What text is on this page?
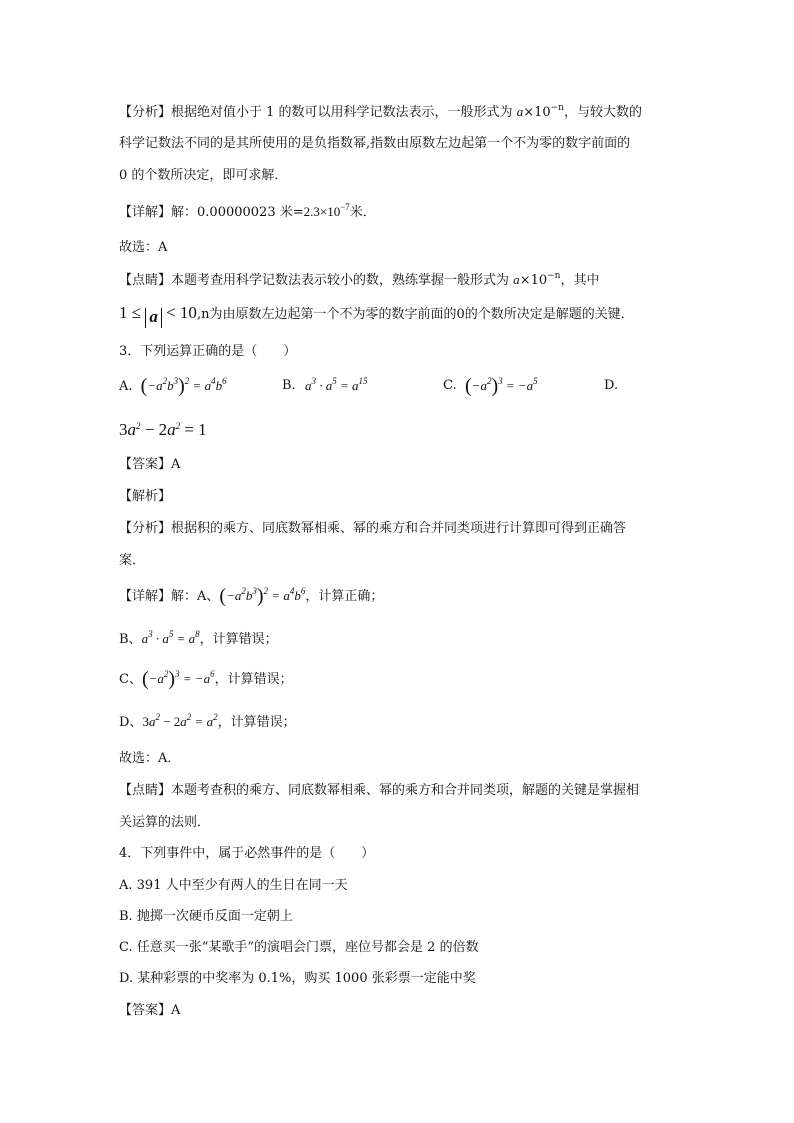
【分析】根据绝对值小于 1 的数可以用科学记数法表示，一般形式为 $a\times 10^{-n}$，与较大数的
科学记数法不同的是其所使用的是负指数幂,指数由原数左边起第一个不为零的数字前面的
0 的个数所决定，即可求解．
【详解】解：0.00000023 米$=2.3\times 10^{-7}$米．
故选：A
【点睛】本题考查用科学记数法表示较小的数，熟练掌握一般形式为 $a\times 10^{-n}$，其中
1 ≤ a < 10,n为由原数左边起第一个不为零的数字前面的0的个数所决定是解题的关键．
3．下列运算正确的是（　　）
A. $(-a^2b^3)^2 = a^4b^6$	B. $a^3 \cdot a^5 = a^{15}$	C. $(-a^2)^3 = -a^5$	D.
$3a^2 - 2a^2 = 1$
【答案】A
【解析】
【分析】根据积的乘方、同底数幂相乘、幂的乘方和合并同类项进行计算即可得到正确答
案．
【详解】解：A、$(-a^2b^3)^2 = a^4b^6$，计算正确；
B、$a^3 \cdot a^5 = a^8$，计算错误；
C、$(-a^2)^3 = -a^6$，计算错误；
D、$3a^2 - 2a^2 = a^2$，计算错误；
故选：A．
【点睛】本题考查积的乘方、同底数幂相乘、幂的乘方和合并同类项，解题的关键是掌握相
关运算的法则．
4．下列事件中，属于必然事件的是（　　）
A. 391 人中至少有两人的生日在同一天
B. 抛掷一次硬币反面一定朝上
C. 任意买一张“某歌手”的演唱会门票，座位号都会是 2 的倍数
D. 某种彩票的中奖率为 0.1%，购买 1000 张彩票一定能中奖
【答案】A
